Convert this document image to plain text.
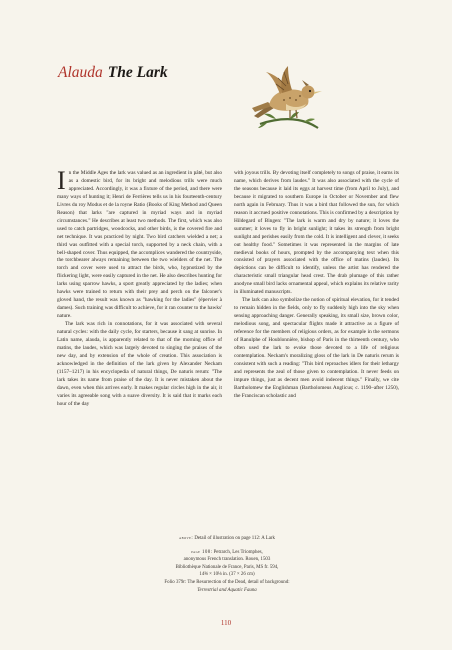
Alauda The Lark

In the Middle Ages the lark was valued as an ingredient in pâté, but also as a domestic bird, for its bright and melodious trills were much appreciated. Accordingly, it was a fixture of the period, and there were many ways of hunting it; Henri de Ferrières tells us in his fourteenth-century Livres du roy Modus et de la royne Ratio (Books of King Method and Queen Reason) that larks "are captured in myriad ways and in myriad circumstances." He describes at least two methods. The first, which was also used to catch partridges, woodcocks, and other birds, is the covered fire and net technique. It was practiced by night. Two bird catchers wielded a net; a third was outfitted with a special torch, supported by a neck chain, with a bell-shaped cover. Thus equipped, the accomplices wandered the countryside, the torchbearer always remaining between the two wielders of the net. The torch and cover were used to attract the birds, who, hypnotized by the flickering light, were easily captured in the net. He also describes hunting for larks using sparrow hawks, a sport greatly appreciated by the ladies; when hawks were trained to return with their prey and perch on the falconer's gloved hand, the result was known as "hawking for the ladies" (épervier à dames). Such training was difficult to achieve, for it ran counter to the hawks' nature.

The lark was rich in connotations, for it was associated with several natural cycles: with the daily cycle, for starters, because it sang at sunrise. In Latin name, alauda, is apparently related to that of the morning office of matins, the laudes, which was largely devoted to singing the praises of the new day, and by extension of the whole of creation. This association is acknowledged in the definition of the lark given by Alexander Neckam (1157–1217) in his encyclopedia of natural things, De naturis rerum: "The lark takes its name from praise of the day. It is never mistaken about the dawn, even when this arrives early. It makes regular circles high in the air, it varies its agreeable song with a suave diversity. It is said that it marks each hour of the day

with joyous trills. By devoting itself completely to songs of praise, it earns its name, which derives from laudes." It was also associated with the cycle of the seasons because it laid its eggs at harvest time (from April to July), and because it migrated to southern Europe in October or November and flew north again in February. Thus it was a bird that followed the sun, for which reason it accrued positive connotations. This is confirmed by a description by Hildegard of Bingen: "The lark is warm and dry by nature; it loves the summer; it loves to fly in bright sunlight; it takes its strength from bright sunlight and perishes easily from the cold. It is intelligent and clever, it seeks out healthy food." Sometimes it was represented in the margins of late medieval books of hours, prompted by the accompanying text when this consisted of prayers associated with the office of matins (laudes). Its depictions can be difficult to identify, unless the artist has rendered the characteristic small triangular head crest. The drab plumage of this rather anodyne small bird lacks ornamental appeal, which explains its relative rarity in illuminated manuscripts.

The lark can also symbolize the notion of spiritual elevation, for it tended to remain hidden in the fields, only to fly suddenly high into the sky when sensing approaching danger. Generally speaking, its small size, brown color, melodious song, and spectacular flights made it attractive as a figure of reference for the members of religious orders, as for example in the sermons of Ranulphe of Houblonnière, bishop of Paris in the thirteenth century, who often used the lark to evoke those devoted to a life of religious contemplation. Neckam's moralizing gloss of the lark in De naturis rerum is consistent with such a reading: "This bird reproaches idlers for their lethargy and represents the zeal of those given to contemplation. It never feeds on impure things, just as decent men avoid indecent things." Finally, we cite Bartholomew the Englishman (Bartholomeus Anglicus; c. 1190–after 1250), the Franciscan scholastic and

above: Detail of illustration on page 112: A Lark

page 108: Petrarch, Les Triomphes,
anonymous French translation. Rouen, 1503
Bibliothèque Nationale de France, Paris, MS fr. 594,
14⅝ × 10⅛ in. (37 × 26 cm)
Folio 379r: The Resurrection of the Dead, detail of background:
Terrestrial and Aquatic Fauna

110
